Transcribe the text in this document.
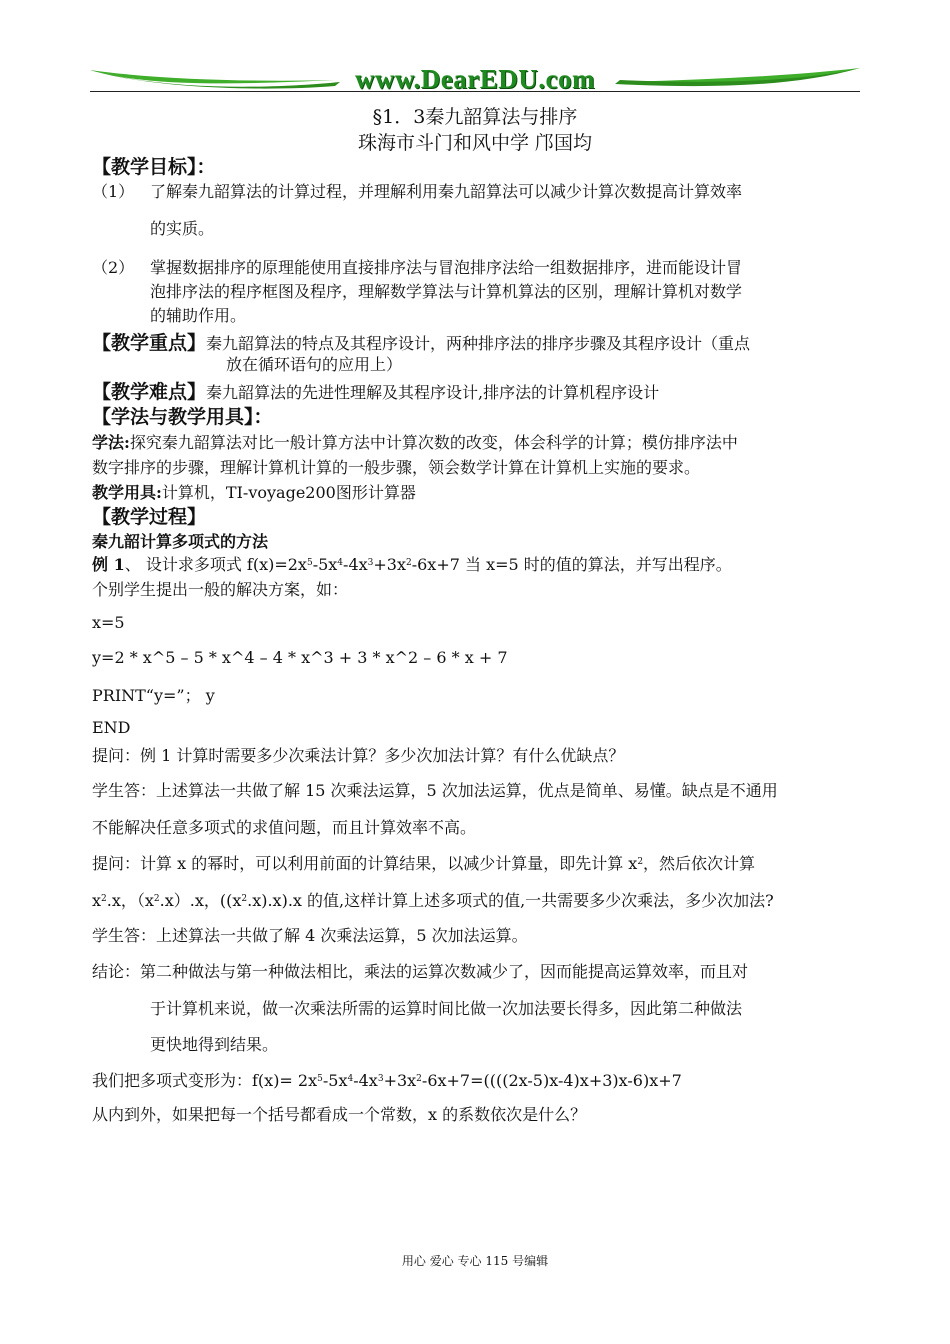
www.DearEDU.com
§1．3秦九韶算法与排序
珠海市斗门和风中学 邝国均
【教学目标】：
（1） 了解秦九韶算法的计算过程，并理解利用秦九韶算法可以减少计算次数提高计算效率
的实质。
（2） 掌握数据排序的原理能使用直接排序法与冒泡排序法给一组数据排序，进而能设计冒
泡排序法的程序框图及程序，理解数学算法与计算机算法的区别，理解计算机对数学
的辅助作用。
【教学重点】秦九韶算法的特点及其程序设计，两种排序法的排序步骤及其程序设计（重点
放在循环语句的应用上）
【教学难点】秦九韶算法的先进性理解及其程序设计,排序法的计算机程序设计
【学法与教学用具】：
学法:探究秦九韶算法对比一般计算方法中计算次数的改变，体会科学的计算；模仿排序法中
数字排序的步骤，理解计算机计算的一般步骤，领会数学计算在计算机上实施的要求。
教学用具:计算机，TI-voyage200图形计算器
【教学过程】
秦九韶计算多项式的方法
例 1、 设计求多项式 $f(x)=2x^5-5x^4-4x^3+3x^2-6x+7$ 当 x=5 时的值的算法，并写出程序。
个别学生提出一般的解决方案，如：
x=5
y=2 * x^5 – 5 * x^4 – 4 * x^3 + 3 * x^2 – 6 * x + 7
PRINT“y=”； y
END
提问：例 1 计算时需要多少次乘法计算？多少次加法计算？有什么优缺点？
学生答：上述算法一共做了解 15 次乘法运算，5 次加法运算，优点是简单、易懂。缺点是不通用
不能解决任意多项式的求值问题，而且计算效率不高。
提问：计算 x 的幂时，可以利用前面的计算结果，以减少计算量，即先计算 $x^2$，然后依次计算
$x^2.x$，$(x^2.x).x$，$((x^2.x).x).x$ 的值,这样计算上述多项式的值,一共需要多少次乘法，多少次加法?
学生答：上述算法一共做了解 4 次乘法运算，5 次加法运算。
结论：第二种做法与第一种做法相比，乘法的运算次数减少了，因而能提高运算效率，而且对
于计算机来说，做一次乘法所需的运算时间比做一次加法要长得多，因此第二种做法
更快地得到结果。
我们把多项式变形为：$f(x)= 2x^5-5x^4-4x^3+3x^2-6x+7=((((2x-5)x-4)x+3)x-6)x+7$
从内到外，如果把每一个括号都看成一个常数，x 的系数依次是什么？
用心 爱心 专心 115 号编辑
